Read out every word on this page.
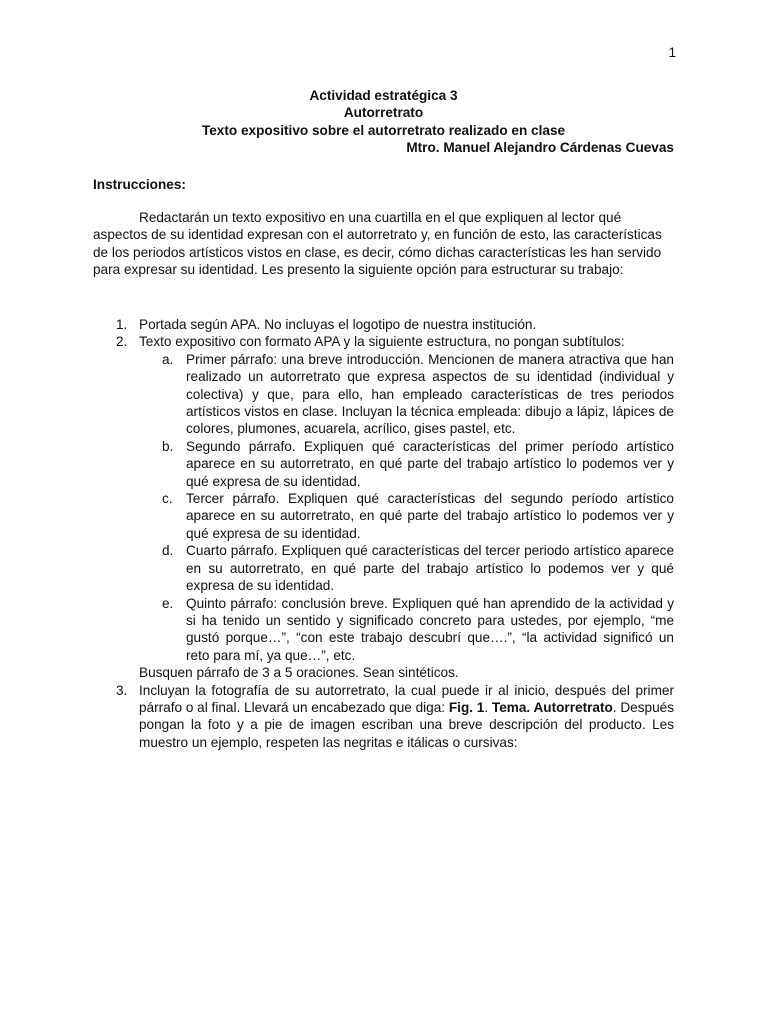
1
Actividad estratégica 3
Autorretrato
Texto expositivo sobre el autorretrato realizado en clase
Mtro. Manuel Alejandro Cárdenas Cuevas
Instrucciones:

Redactarán un texto expositivo en una cuartilla en el que expliquen al lector qué aspectos de su identidad expresan con el autorretrato y, en función de esto, las características de los periodos artísticos vistos en clase, es decir, cómo dichas características les han servido para expresar su identidad. Les presento la siguiente opción para estructurar su trabajo:

1. Portada según APA. No incluyas el logotipo de nuestra institución.
2. Texto expositivo con formato APA y la siguiente estructura, no pongan subtítulos:
a. Primer párrafo: una breve introducción. Mencionen de manera atractiva que han realizado un autorretrato que expresa aspectos de su identidad (individual y colectiva) y que, para ello, han empleado características de tres periodos artísticos vistos en clase. Incluyan la técnica empleada: dibujo a lápiz, lápices de colores, plumones, acuarela, acrílico, gises pastel, etc.
b. Segundo párrafo. Expliquen qué características del primer período artístico aparece en su autorretrato, en qué parte del trabajo artístico lo podemos ver y qué expresa de su identidad.
c. Tercer párrafo. Expliquen qué características del segundo período artístico aparece en su autorretrato, en qué parte del trabajo artístico lo podemos ver y qué expresa de su identidad.
d. Cuarto párrafo. Expliquen qué características del tercer periodo artístico aparece en su autorretrato, en qué parte del trabajo artístico lo podemos ver y qué expresa de su identidad.
e. Quinto párrafo: conclusión breve. Expliquen qué han aprendido de la actividad y si ha tenido un sentido y significado concreto para ustedes, por ejemplo, “me gustó porque…”, “con este trabajo descubrí que….”, “la actividad significó un reto para mí, ya que…”, etc.
Busquen párrafo de 3 a 5 oraciones. Sean sintéticos.
3. Incluyan la fotografía de su autorretrato, la cual puede ir al inicio, después del primer párrafo o al final. Llevará un encabezado que diga: Fig. 1. Tema. Autorretrato. Después pongan la foto y a pie de imagen escriban una breve descripción del producto. Les muestro un ejemplo, respeten las negritas e itálicas o cursivas:
